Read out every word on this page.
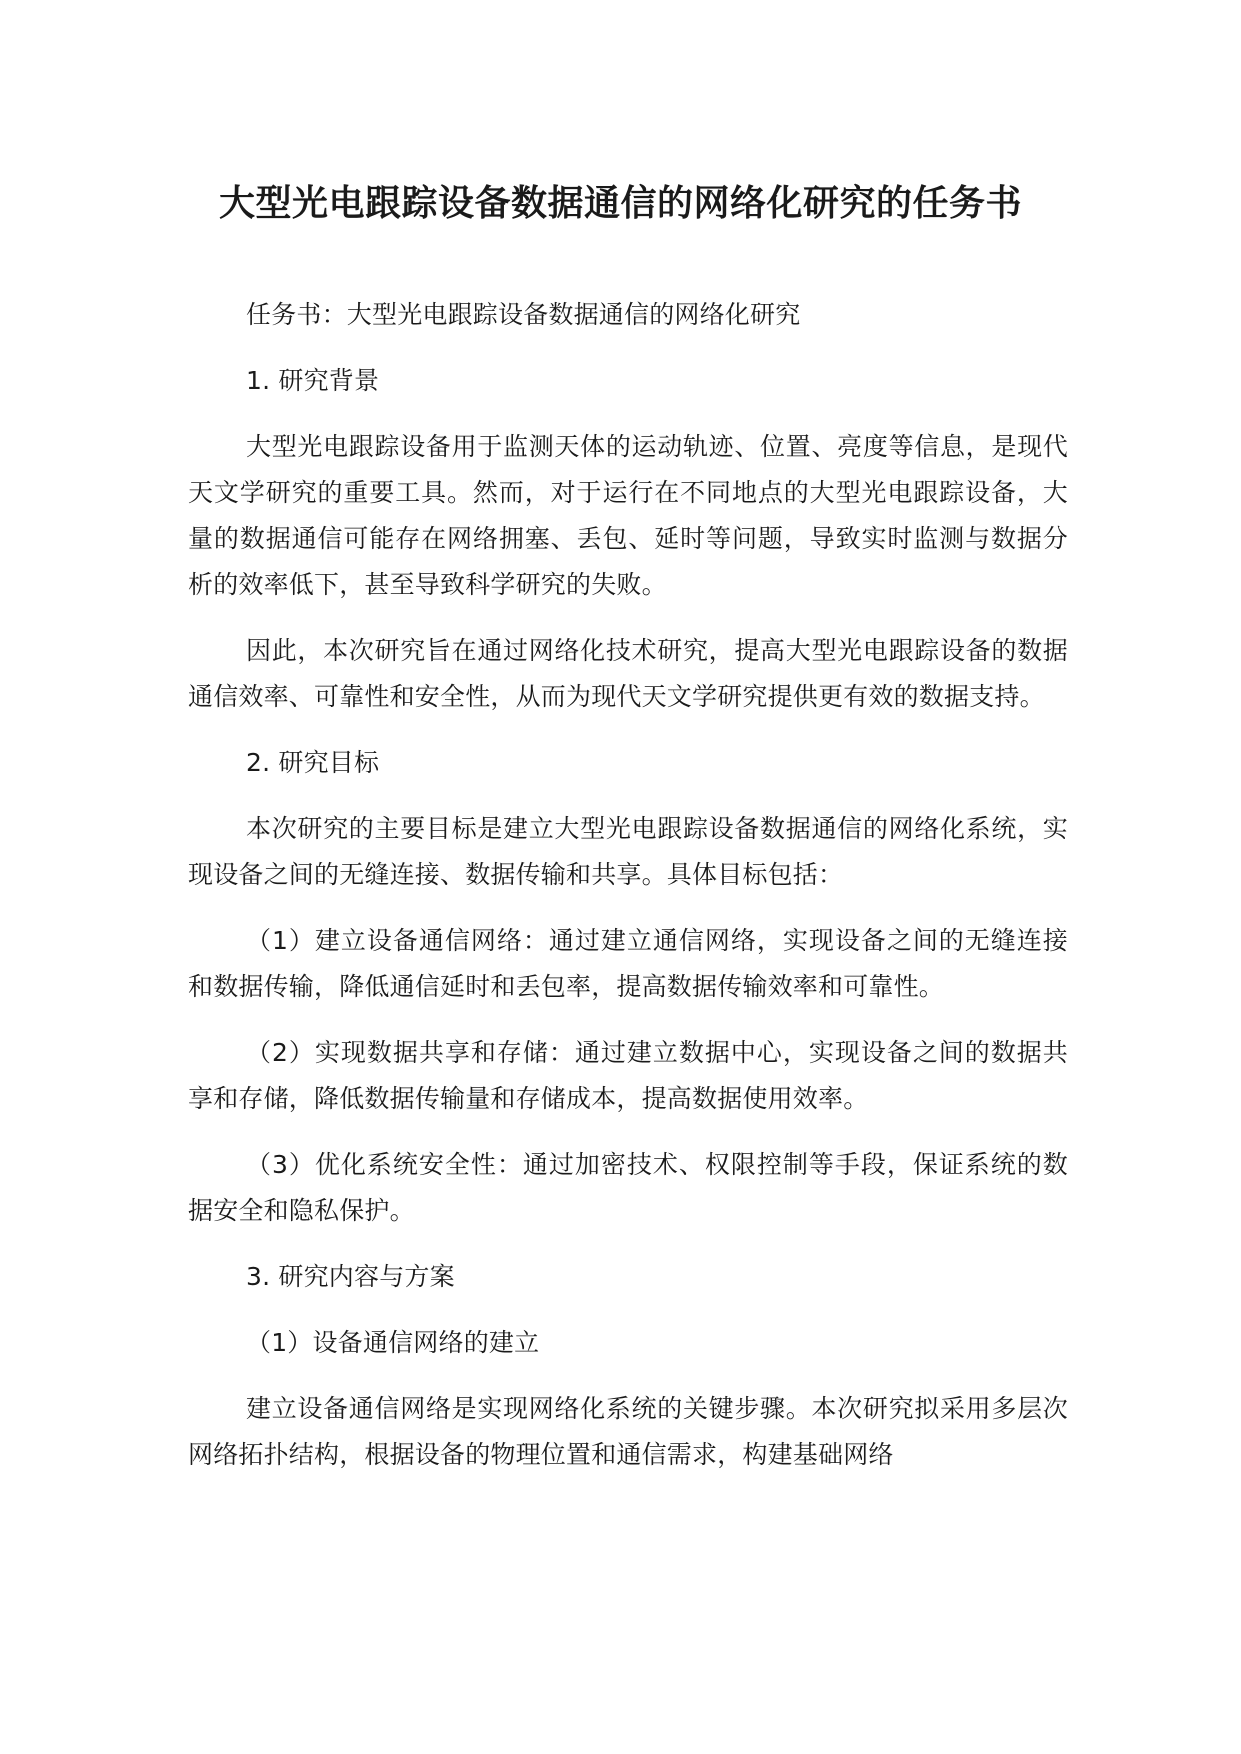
大型光电跟踪设备数据通信的网络化研究的任务书

任务书：大型光电跟踪设备数据通信的网络化研究

1. 研究背景

大型光电跟踪设备用于监测天体的运动轨迹、位置、亮度等信息，是现代天文学研究的重要工具。然而，对于运行在不同地点的大型光电跟踪设备，大量的数据通信可能存在网络拥塞、丢包、延时等问题，导致实时监测与数据分析的效率低下，甚至导致科学研究的失败。

因此，本次研究旨在通过网络化技术研究，提高大型光电跟踪设备的数据通信效率、可靠性和安全性，从而为现代天文学研究提供更有效的数据支持。

2. 研究目标

本次研究的主要目标是建立大型光电跟踪设备数据通信的网络化系统，实现设备之间的无缝连接、数据传输和共享。具体目标包括：

（1）建立设备通信网络：通过建立通信网络，实现设备之间的无缝连接和数据传输，降低通信延时和丢包率，提高数据传输效率和可靠性。

（2）实现数据共享和存储：通过建立数据中心，实现设备之间的数据共享和存储，降低数据传输量和存储成本，提高数据使用效率。

（3）优化系统安全性：通过加密技术、权限控制等手段，保证系统的数据安全和隐私保护。

3. 研究内容与方案

（1）设备通信网络的建立

建立设备通信网络是实现网络化系统的关键步骤。本次研究拟采用多层次网络拓扑结构，根据设备的物理位置和通信需求，构建基础网络
